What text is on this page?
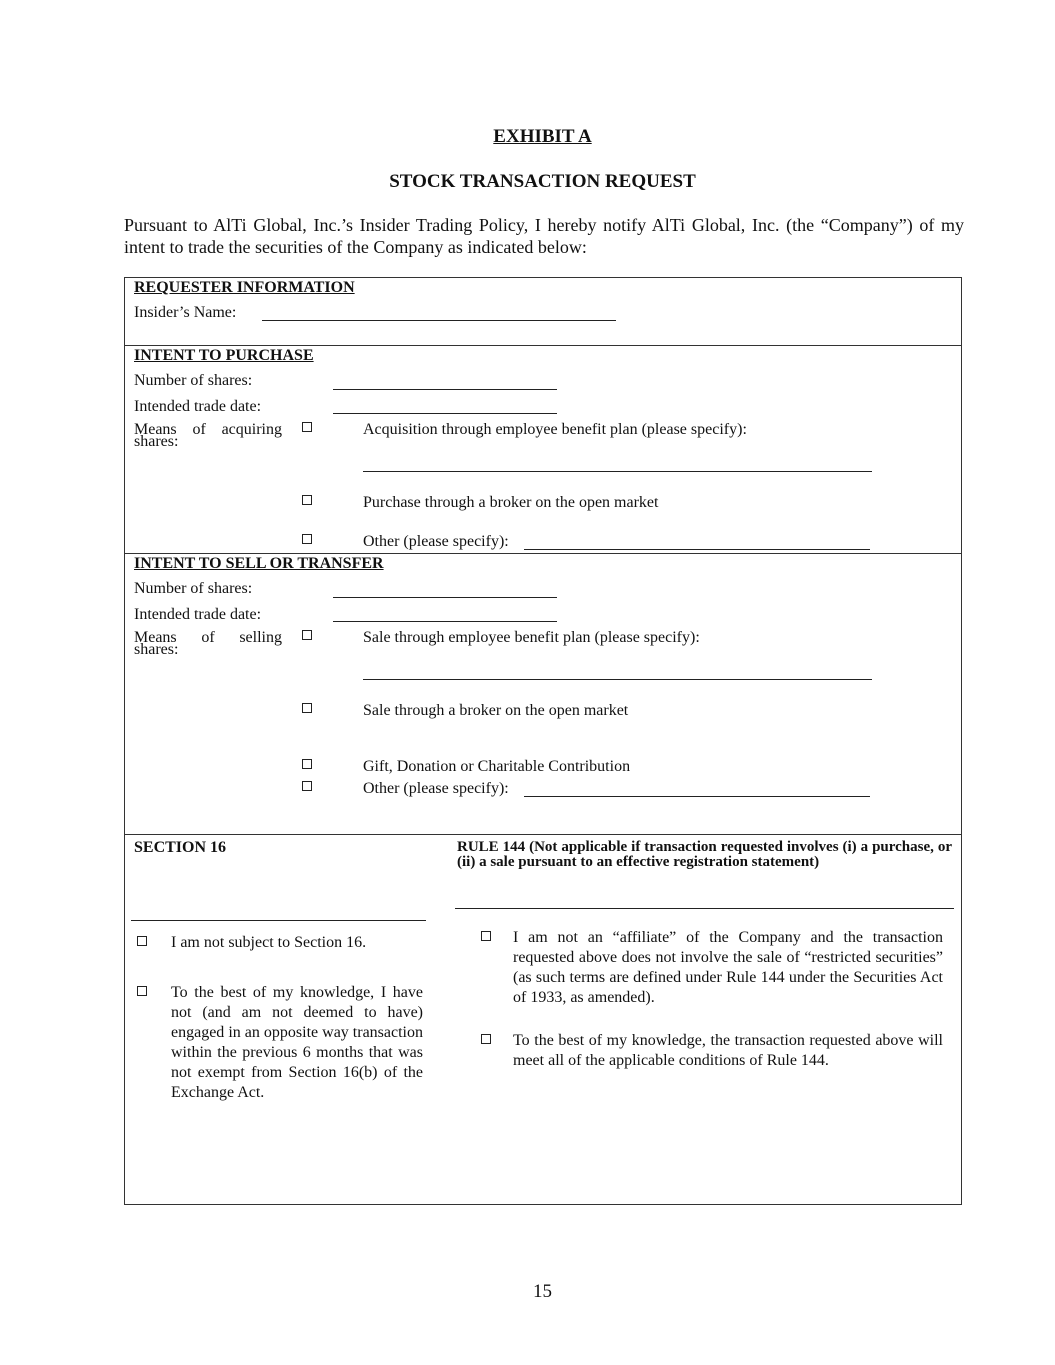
EXHIBIT A
STOCK TRANSACTION REQUEST
Pursuant to AlTi Global, Inc.’s Insider Trading Policy, I hereby notify AlTi Global, Inc. (the “Company”) of my intent to trade the securities of the Company as indicated below:
REQUESTER INFORMATION
Insider’s Name:
INTENT TO PURCHASE
Number of shares:
Intended trade date:
Means of acquiring
shares:
Acquisition through employee benefit plan (please specify):
Purchase through a broker on the open market
Other (please specify):
INTENT TO SELL OR TRANSFER
Number of shares:
Intended trade date:
Means of selling
shares:
Sale through employee benefit plan (please specify):
Sale through a broker on the open market
Gift, Donation or Charitable Contribution
Other (please specify):
SECTION 16
I am not subject to Section 16.
To the best of my knowledge, I have not (and am not deemed to have) engaged in an opposite way transaction within the previous 6 months that was not exempt from Section 16(b) of the Exchange Act.
RULE 144 (Not applicable if transaction requested involves (i) a purchase, or (ii) a sale pursuant to an effective registration statement)
I am not an “affiliate” of the Company and the transaction requested above does not involve the sale of “restricted securities” (as such terms are defined under Rule 144 under the Securities Act of 1933, as amended).
To the best of my knowledge, the transaction requested above will meet all of the applicable conditions of Rule 144.
15
